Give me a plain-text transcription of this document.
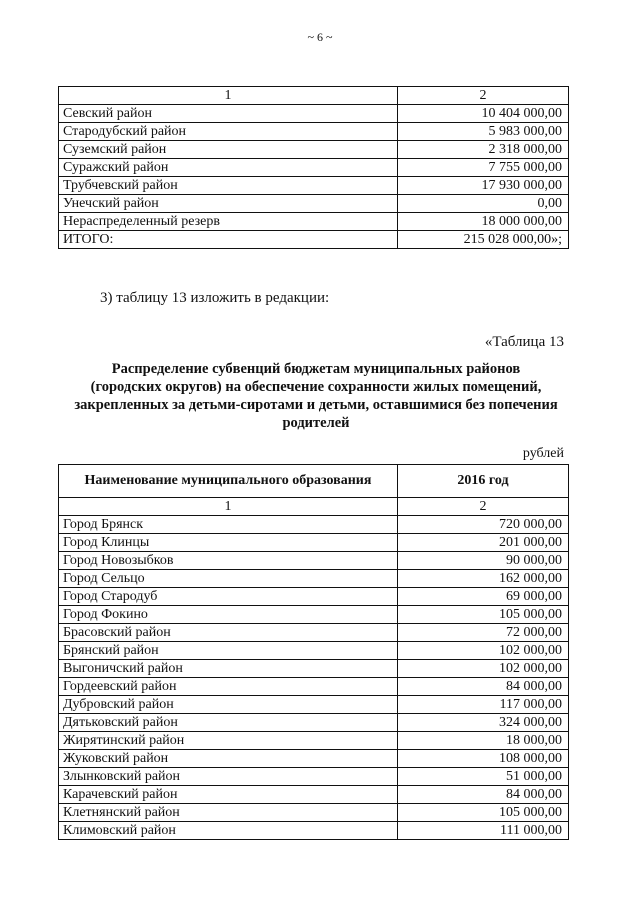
~ 6 ~
1	2
Севский район	10 404 000,00
Стародубский район	5 983 000,00
Суземский район	2 318 000,00
Суражский район	7 755 000,00
Трубчевский район	17 930 000,00
Унечский район	0,00
Нераспределенный резерв	18 000 000,00
ИТОГО:	215 028 000,00»;
3) таблицу 13 изложить в редакции:
«Таблица 13
Распределение субвенций бюджетам муниципальных районов
(городских округов) на обеспечение сохранности жилых помещений,
закрепленных за детьми-сиротами и детьми, оставшимися без попечения
родителей
рублей
Наименование муниципального образования	2016 год
1	2
Город Брянск	720 000,00
Город Клинцы	201 000,00
Город Новозыбков	90 000,00
Город Сельцо	162 000,00
Город Стародуб	69 000,00
Город Фокино	105 000,00
Брасовский район	72 000,00
Брянский район	102 000,00
Выгоничский район	102 000,00
Гордеевский район	84 000,00
Дубровский район	117 000,00
Дятьковский район	324 000,00
Жирятинский район	18 000,00
Жуковский район	108 000,00
Злынковский район	51 000,00
Карачевский район	84 000,00
Клетнянский район	105 000,00
Климовский район	111 000,00
